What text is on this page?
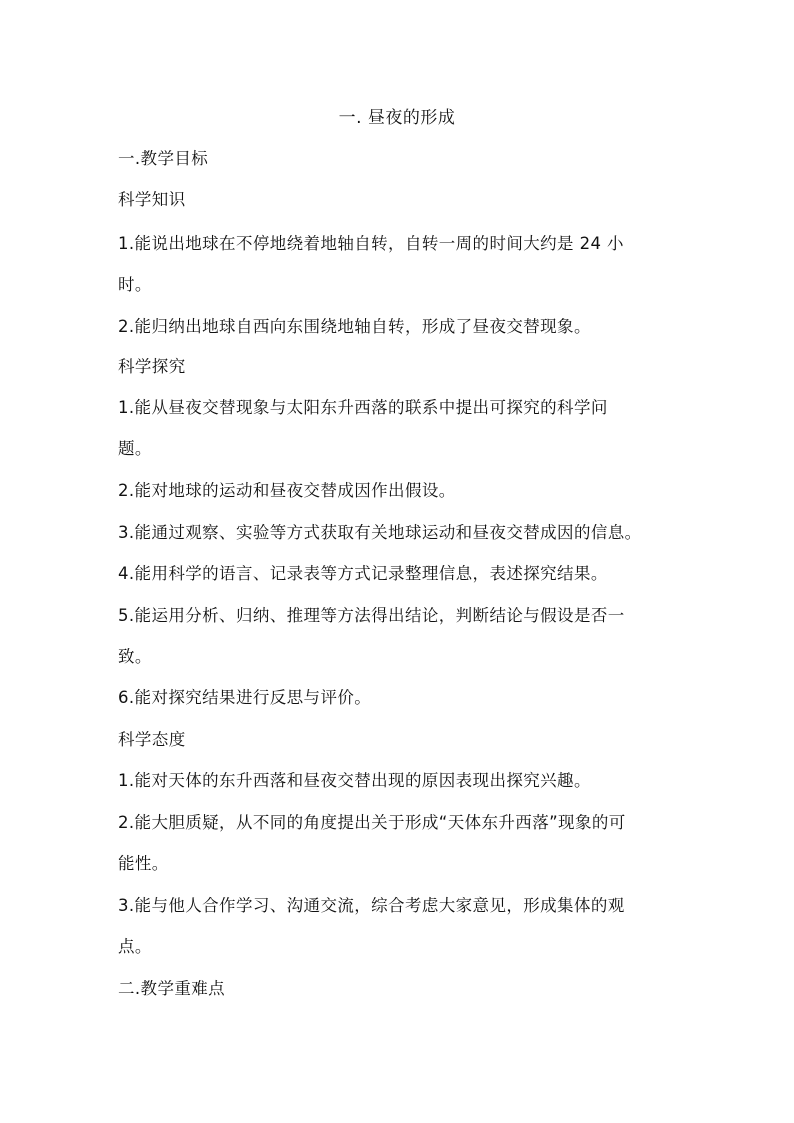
一. 昼夜的形成
一.教学目标
科学知识
1.能说出地球在不停地绕着地轴自转，自转一周的时间大约是 24 小
时。
2.能归纳出地球自西向东围绕地轴自转，形成了昼夜交替现象。
科学探究
1.能从昼夜交替现象与太阳东升西落的联系中提出可探究的科学问
题。
2.能对地球的运动和昼夜交替成因作出假设。
3.能通过观察、实验等方式获取有关地球运动和昼夜交替成因的信息。
4.能用科学的语言、记录表等方式记录整理信息，表述探究结果。
5.能运用分析、归纳、推理等方法得出结论，判断结论与假设是否一
致。
6.能对探究结果进行反思与评价。
科学态度
1.能对天体的东升西落和昼夜交替出现的原因表现出探究兴趣。
2.能大胆质疑，从不同的角度提出关于形成“天体东升西落”现象的可
能性。
3.能与他人合作学习、沟通交流，综合考虑大家意见，形成集体的观
点。
二.教学重难点
